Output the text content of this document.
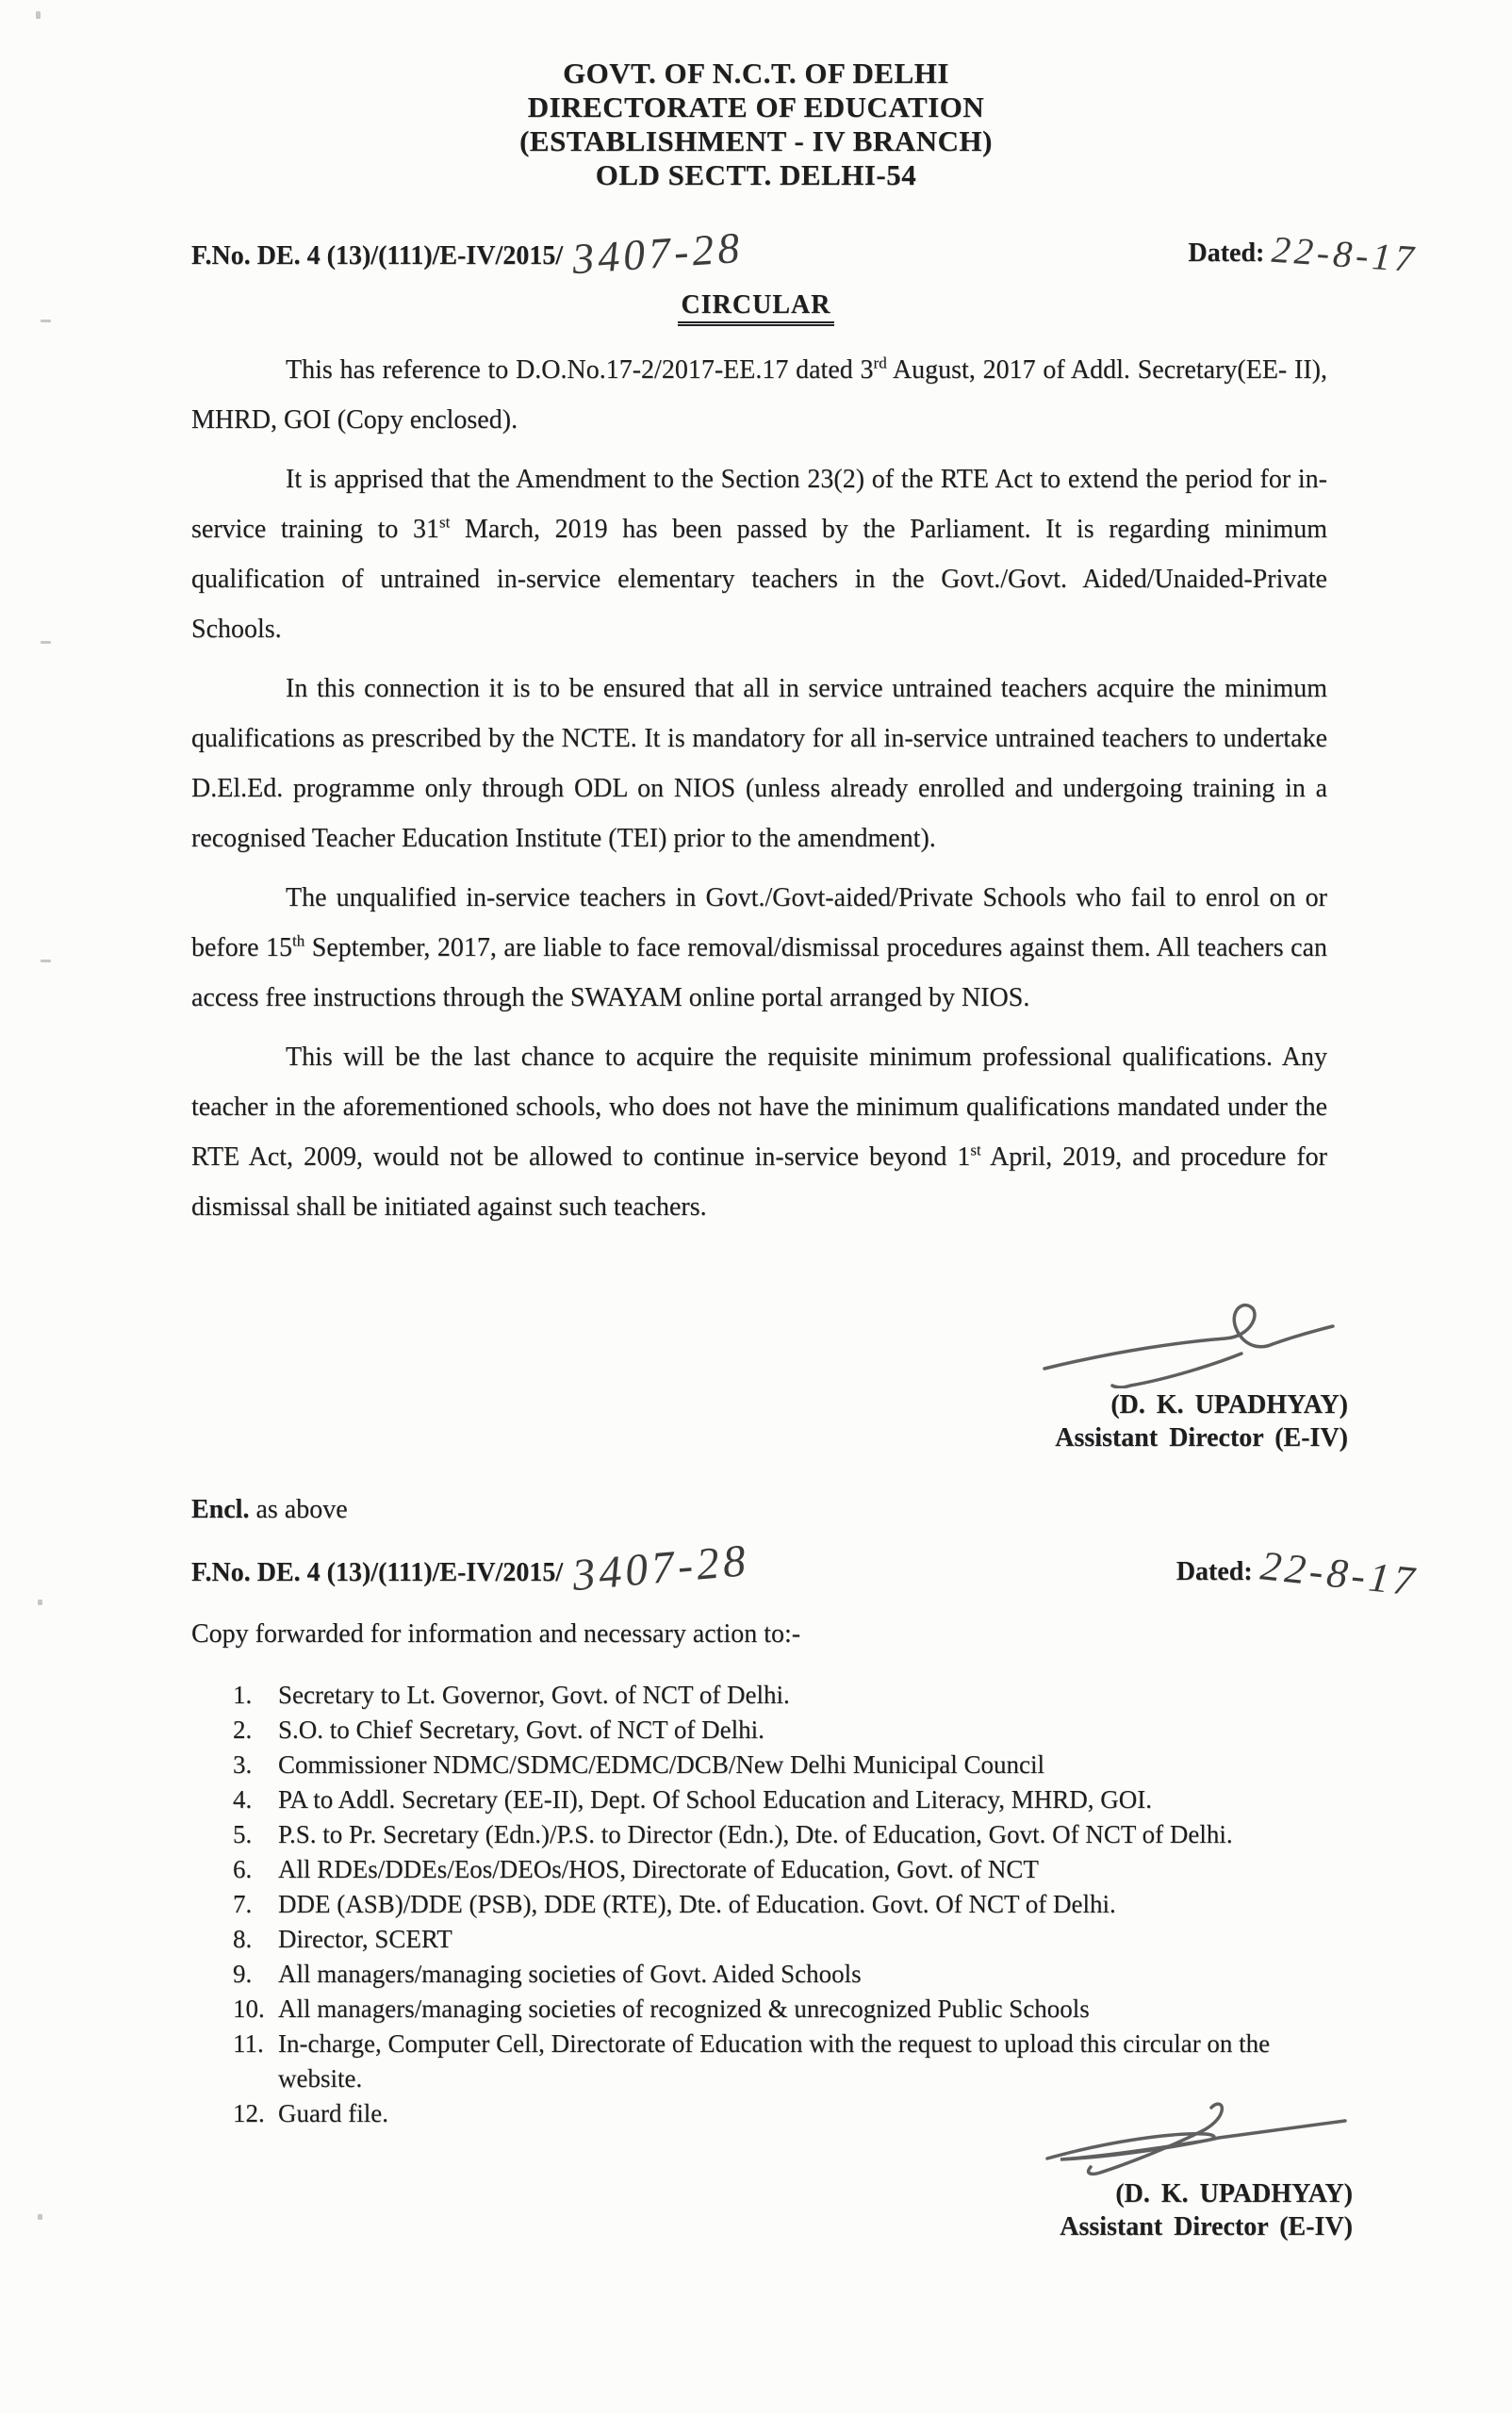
GOVT. OF N.C.T. OF DELHI
DIRECTORATE OF EDUCATION
(ESTABLISHMENT - IV BRANCH)
OLD SECTT. DELHI-54
F.No. DE. 4 (13)/(111)/E-IV/2015/ 3407-28	Dated: 22-8-17
CIRCULAR

This has reference to D.O.No.17-2/2017-EE.17 dated 3rd August, 2017 of Addl. Secretary(EE- II), MHRD, GOI (Copy enclosed).

It is apprised that the Amendment to the Section 23(2) of the RTE Act to extend the period for in-service training to 31st March, 2019 has been passed by the Parliament. It is regarding minimum qualification of untrained in-service elementary teachers in the Govt./Govt. Aided/Unaided-Private Schools.

In this connection it is to be ensured that all in service untrained teachers acquire the minimum qualifications as prescribed by the NCTE. It is mandatory for all in-service untrained teachers to undertake D.El.Ed. programme only through ODL on NIOS (unless already enrolled and undergoing training in a recognised Teacher Education Institute (TEI) prior to the amendment).

The unqualified in-service teachers in Govt./Govt-aided/Private Schools who fail to enrol on or before 15th September, 2017, are liable to face removal/dismissal procedures against them. All teachers can access free instructions through the SWAYAM online portal arranged by NIOS.

This will be the last chance to acquire the requisite minimum professional qualifications. Any teacher in the aforementioned schools, who does not have the minimum qualifications mandated under the RTE Act, 2009, would not be allowed to continue in-service beyond 1st April, 2019, and procedure for dismissal shall be initiated against such teachers.

(D. K. UPADHYAY)
Assistant Director (E-IV)
Encl. as above
F.No. DE. 4 (13)/(111)/E-IV/2015/ 3407-28	Dated: 22-8-17
Copy forwarded for information and necessary action to:-
1.	Secretary to Lt. Governor, Govt. of NCT of Delhi.
2.	S.O. to Chief Secretary, Govt. of NCT of Delhi.
3.	Commissioner NDMC/SDMC/EDMC/DCB/New Delhi Municipal Council
4.	PA to Addl. Secretary (EE-II), Dept. Of School Education and Literacy, MHRD, GOI.
5.	P.S. to Pr. Secretary (Edn.)/P.S. to Director (Edn.), Dte. of Education, Govt. Of NCT of Delhi.
6.	All RDEs/DDEs/Eos/DEOs/HOS, Directorate of Education, Govt. of NCT
7.	DDE (ASB)/DDE (PSB), DDE (RTE), Dte. of Education. Govt. Of NCT of Delhi.
8.	Director, SCERT
9.	All managers/managing societies of Govt. Aided Schools
10. All managers/managing societies of recognized & unrecognized Public Schools
11. In-charge, Computer Cell, Directorate of Education with the request to upload this circular on the website.
12. Guard file.
(D. K. UPADHYAY)
Assistant Director (E-IV)
